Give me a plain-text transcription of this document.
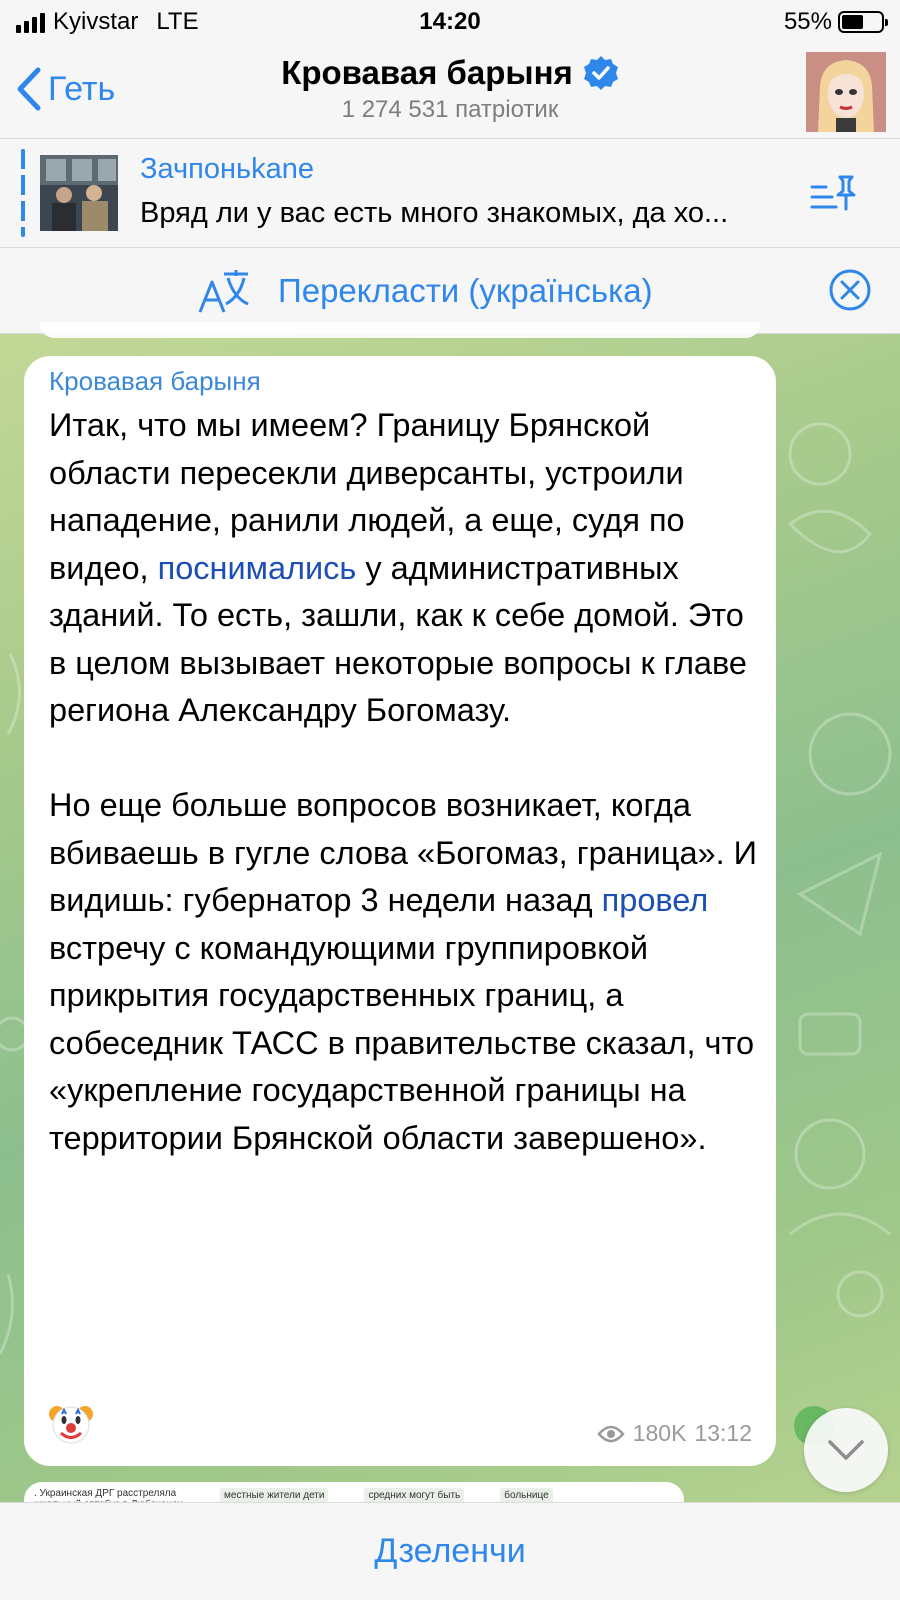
Kyivstar LTE	14:20	55%
Геть	Кровавая барыня
1 274 531 патріотик
Зачпоньkane
Вряд ли у вас есть много знакомых, да хо...
Перекласти (українська)
Кровавая барыня
Итак, что мы имеем? Границу Брянской области пересекли диверсанты, устроили нападение, ранили людей, а еще, судя по видео, поснимались у административных зданий. То есть, зашли, как к себе домой. Это в целом вызывает некоторые вопросы к главе региона Александру Богомазу.

Но еще больше вопросов возникает, когда вбиваешь в гугле слова «Богомаз, граница». И видишь: губернатор 3 недели назад провел встречу с командующими группировкой прикрытия государственных границ, а собеседник ТАСС в правительстве сказал, что «укрепление государственной границы на территории Брянской области завершено».
180K 13:12
. Украинская ДРГ расстреляла	местные жители дети	средних могут быть	больнице
Дзеленчи
